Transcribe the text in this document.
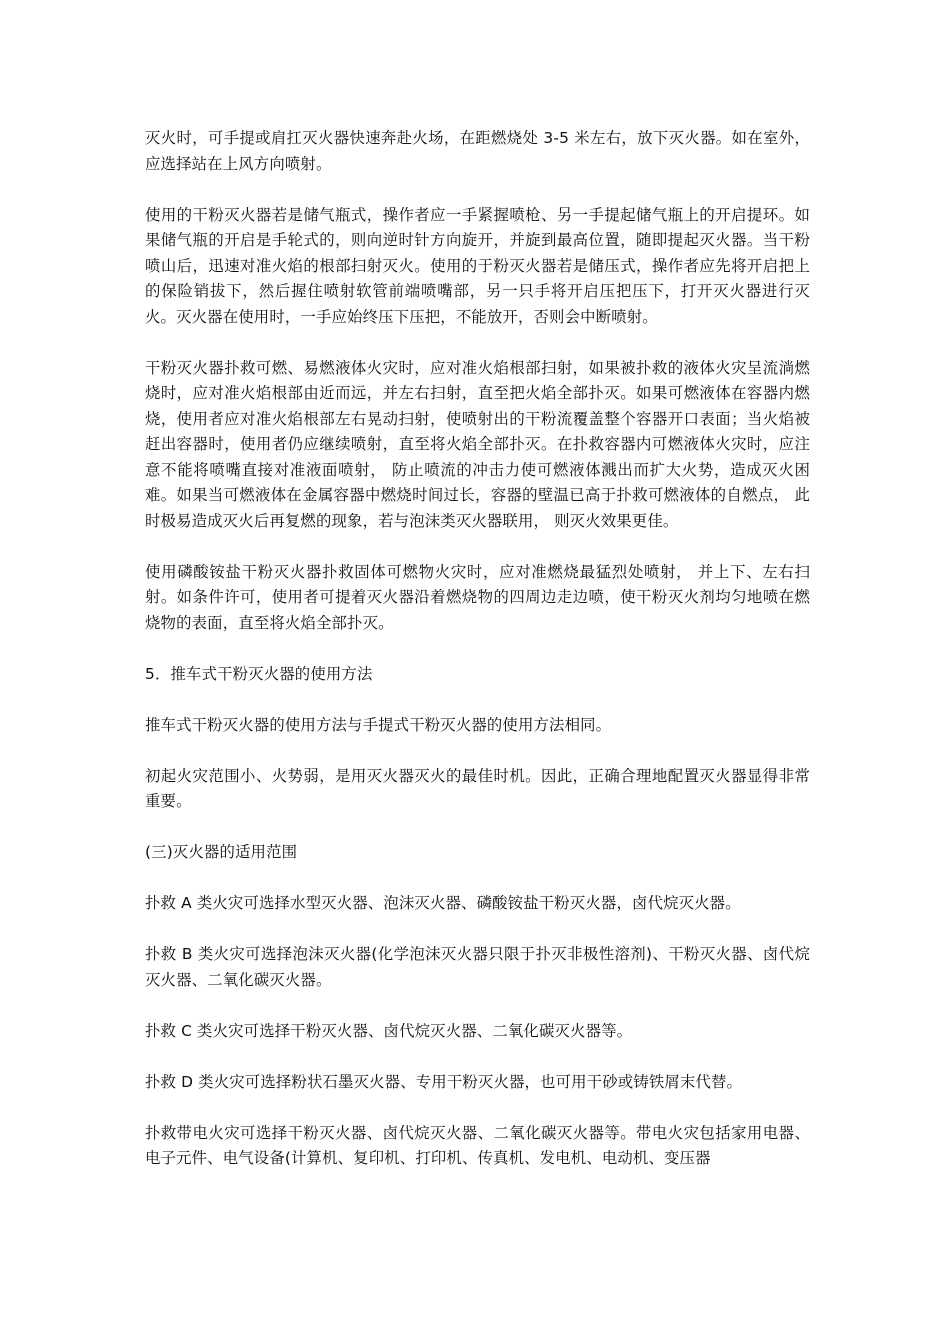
灭火时，可手提或肩扛灭火器快速奔赴火场，在距燃烧处 3-5 米左右，放下灭火器。如在室外，应选择站在上风方向喷射。

使用的干粉灭火器若是储气瓶式，操作者应一手紧握喷枪、另一手提起储气瓶上的开启提环。如果储气瓶的开启是手轮式的，则向逆时针方向旋开，并旋到最高位置，随即提起灭火器。当干粉喷山后，迅速对准火焰的根部扫射灭火。使用的于粉灭火器若是储压式，操作者应先将开启把上的保险销拔下，然后握住喷射软管前端喷嘴部，另一只手将开启压把压下，打开灭火器进行灭火。灭火器在使用时，一手应始终压下压把，不能放开，否则会中断喷射。

干粉灭火器扑救可燃、易燃液体火灾时，应对准火焰根部扫射，如果被扑救的液体火灾呈流淌燃烧时，应对准火焰根部由近而远，并左右扫射，直至把火焰全部扑灭。如果可燃液体在容器内燃烧，使用者应对准火焰根部左右晃动扫射，使喷射出的干粉流覆盖整个容器开口表面；当火焰被赶出容器时，使用者仍应继续喷射，直至将火焰全部扑灭。在扑救容器内可燃液体火灾时，应注意不能将喷嘴直接对准液面喷射， 防止喷流的冲击力使可燃液体溅出而扩大火势，造成灭火困难。如果当可燃液体在金属容器中燃烧时间过长，容器的壁温已高于扑救可燃液体的自燃点， 此时极易造成灭火后再复燃的现象，若与泡沫类灭火器联用， 则灭火效果更佳。

使用磷酸铵盐干粉灭火器扑救固体可燃物火灾时，应对准燃烧最猛烈处喷射， 并上下、左右扫射。如条件许可，使用者可提着灭火器沿着燃烧物的四周边走边喷，使干粉灭火剂均匀地喷在燃烧物的表面，直至将火焰全部扑灭。

5．推车式干粉灭火器的使用方法

推车式干粉灭火器的使用方法与手提式干粉灭火器的使用方法相同。

初起火灾范围小、火势弱，是用灭火器灭火的最佳时机。因此，正确合理地配置灭火器显得非常重要。

(三)灭火器的适用范围

扑救 A 类火灾可选择水型灭火器、泡沫灭火器、磷酸铵盐干粉灭火器，卤代烷灭火器。

扑救 B 类火灾可选择泡沫灭火器(化学泡沫灭火器只限于扑灭非极性溶剂)、干粉灭火器、卤代烷灭火器、二氧化碳灭火器。

扑救 C 类火灾可选择干粉灭火器、卤代烷灭火器、二氧化碳灭火器等。

扑救 D 类火灾可选择粉状石墨灭火器、专用干粉灭火器，也可用干砂或铸铁屑末代替。

扑救带电火灾可选择干粉灭火器、卤代烷灭火器、二氧化碳灭火器等。带电火灾包括家用电器、电子元件、电气设备(计算机、复印机、打印机、传真机、发电机、电动机、变压器
